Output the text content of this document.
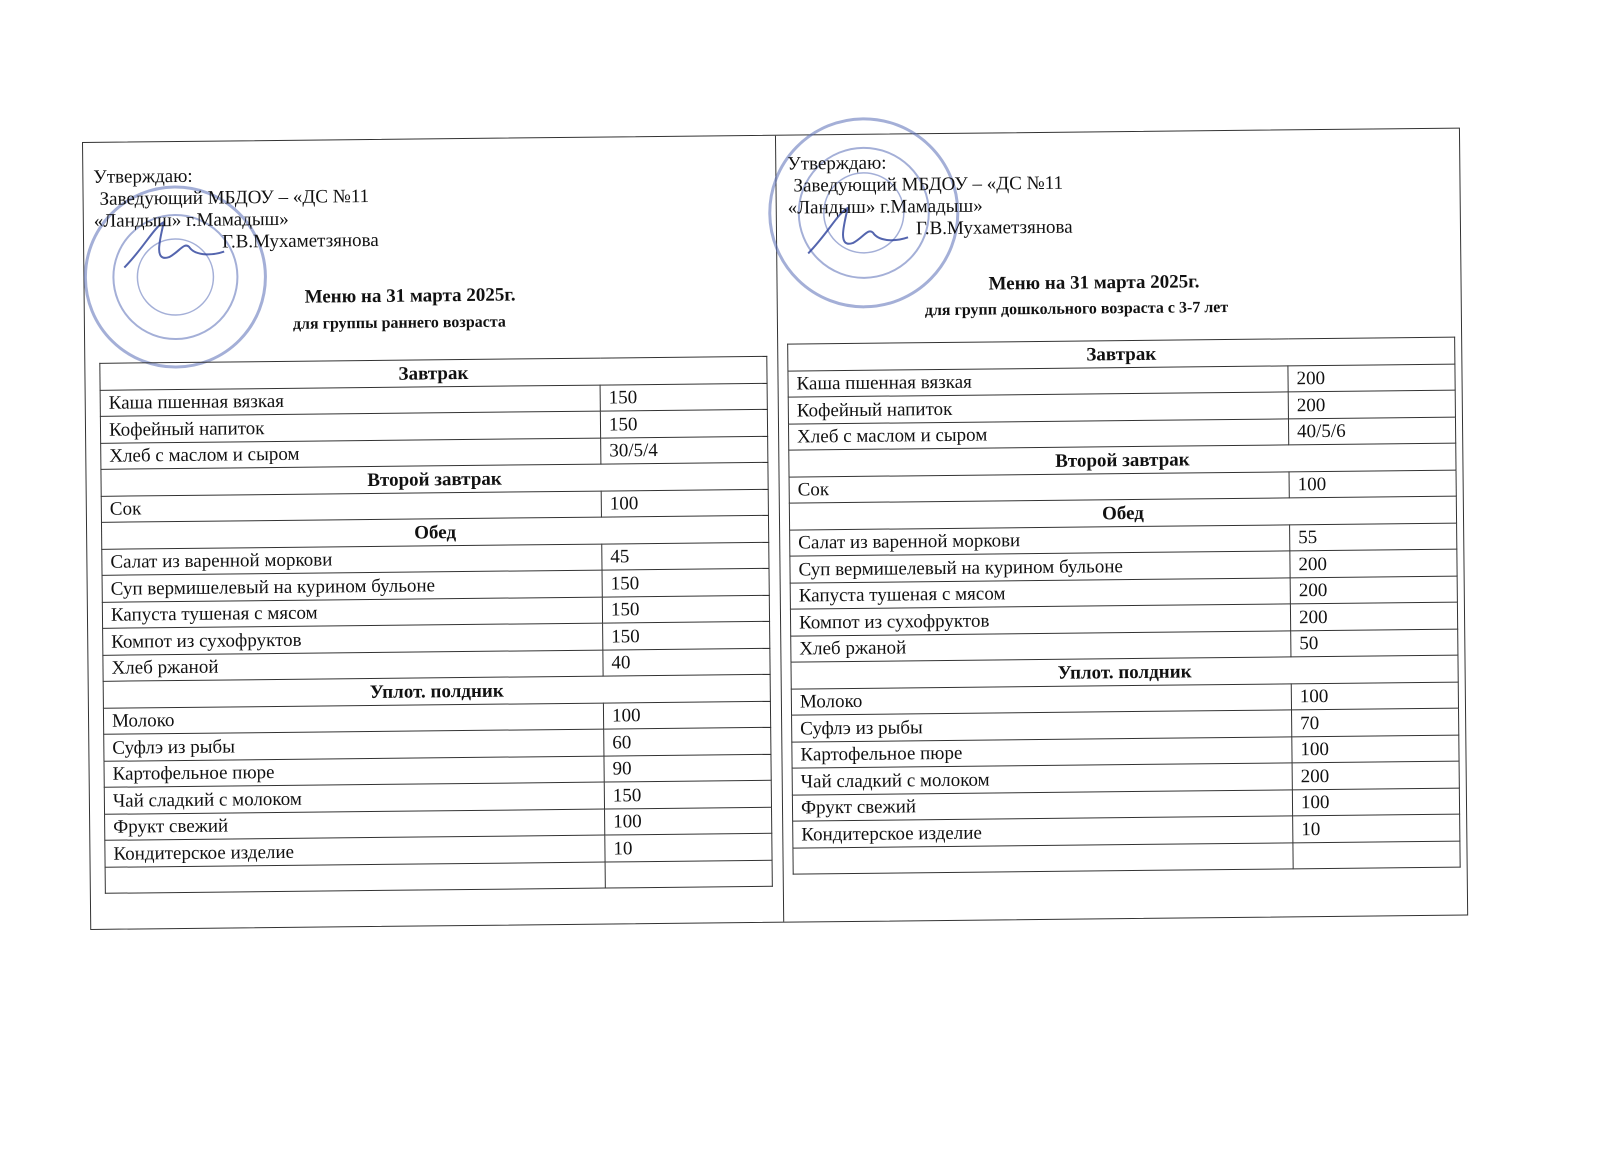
Утверждаю:
Заведующий МБДОУ – «ДС №11
«Ландыш» г.Мамадыш»
Г.В.Мухаметзянова
Меню на 31 марта 2025г.
для группы раннего возраста
Завтрак	
Каша пшенная вязкая	150
Кофейный напиток	150
Хлеб с маслом и сыром	30/5/4
Второй завтрак	
Сок	100
Обед	
Салат из варенной моркови	45
Суп вермишелевый на курином бульоне	150
Капуста тушеная с мясом	150
Компот из сухофруктов	150
Хлеб ржаной	40
Уплот. полдник	
Молоко	100
Суфлэ из рыбы	60
Картофельное пюре	90
Чай сладкий с молоком	150
Фрукт свежий	100
Кондитерское изделие	10

Утверждаю:
Заведующий МБДОУ – «ДС №11
«Ландыш» г.Мамадыш»
Г.В.Мухаметзянова
Меню на 31 марта 2025г.
для групп дошкольного возраста с 3-7 лет
Завтрак	
Каша пшенная вязкая	200
Кофейный напиток	200
Хлеб с маслом и сыром	40/5/6
Второй завтрак	
Сок	100
Обед	
Салат из варенной моркови	55
Суп вермишелевый на курином бульоне	200
Капуста тушеная с мясом	200
Компот из сухофруктов	200
Хлеб ржаной	50
Уплот. полдник	
Молоко	100
Суфлэ из рыбы	70
Картофельное пюре	100
Чай сладкий с молоком	200
Фрукт свежий	100
Кондитерское изделие	10
